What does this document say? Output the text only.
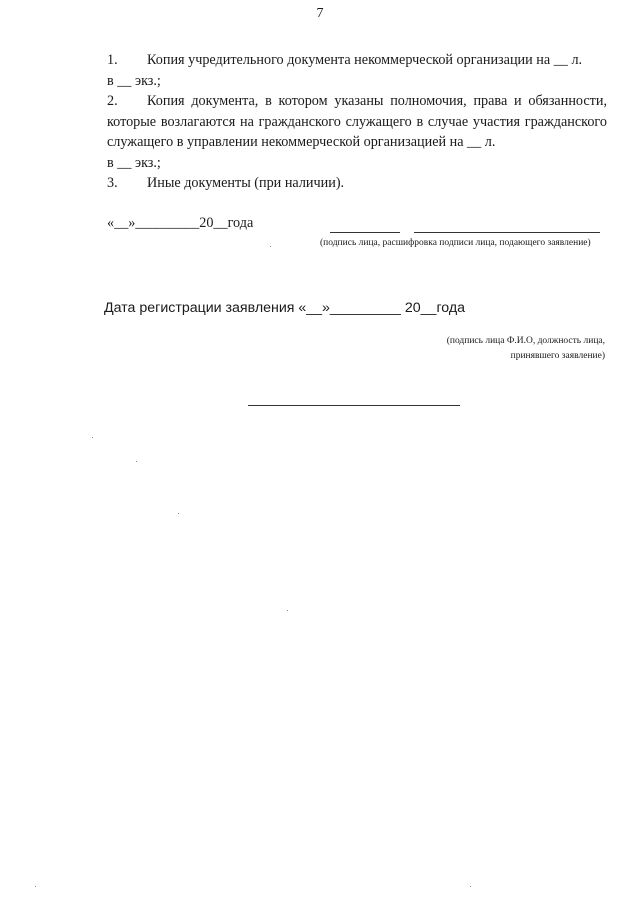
7

1. Копия учредительного документа некоммерческой организации на __ л.

в __ экз.;

2. Копия документа, в котором указаны полномочия, права и обязанности, которые возлагаются на гражданского служащего в случае участия гражданского служащего в управлении некоммерческой организацией на __ л.

в __ экз.;

3. Иные документы (при наличии).

«__»_________20__года
(подпись лица, расшифровка подписи лица, подающего заявление)
Дата регистрации заявления «__»_________ 20__года
(подпись лица Ф.И.О, должность лица,
принявшего заявление)
